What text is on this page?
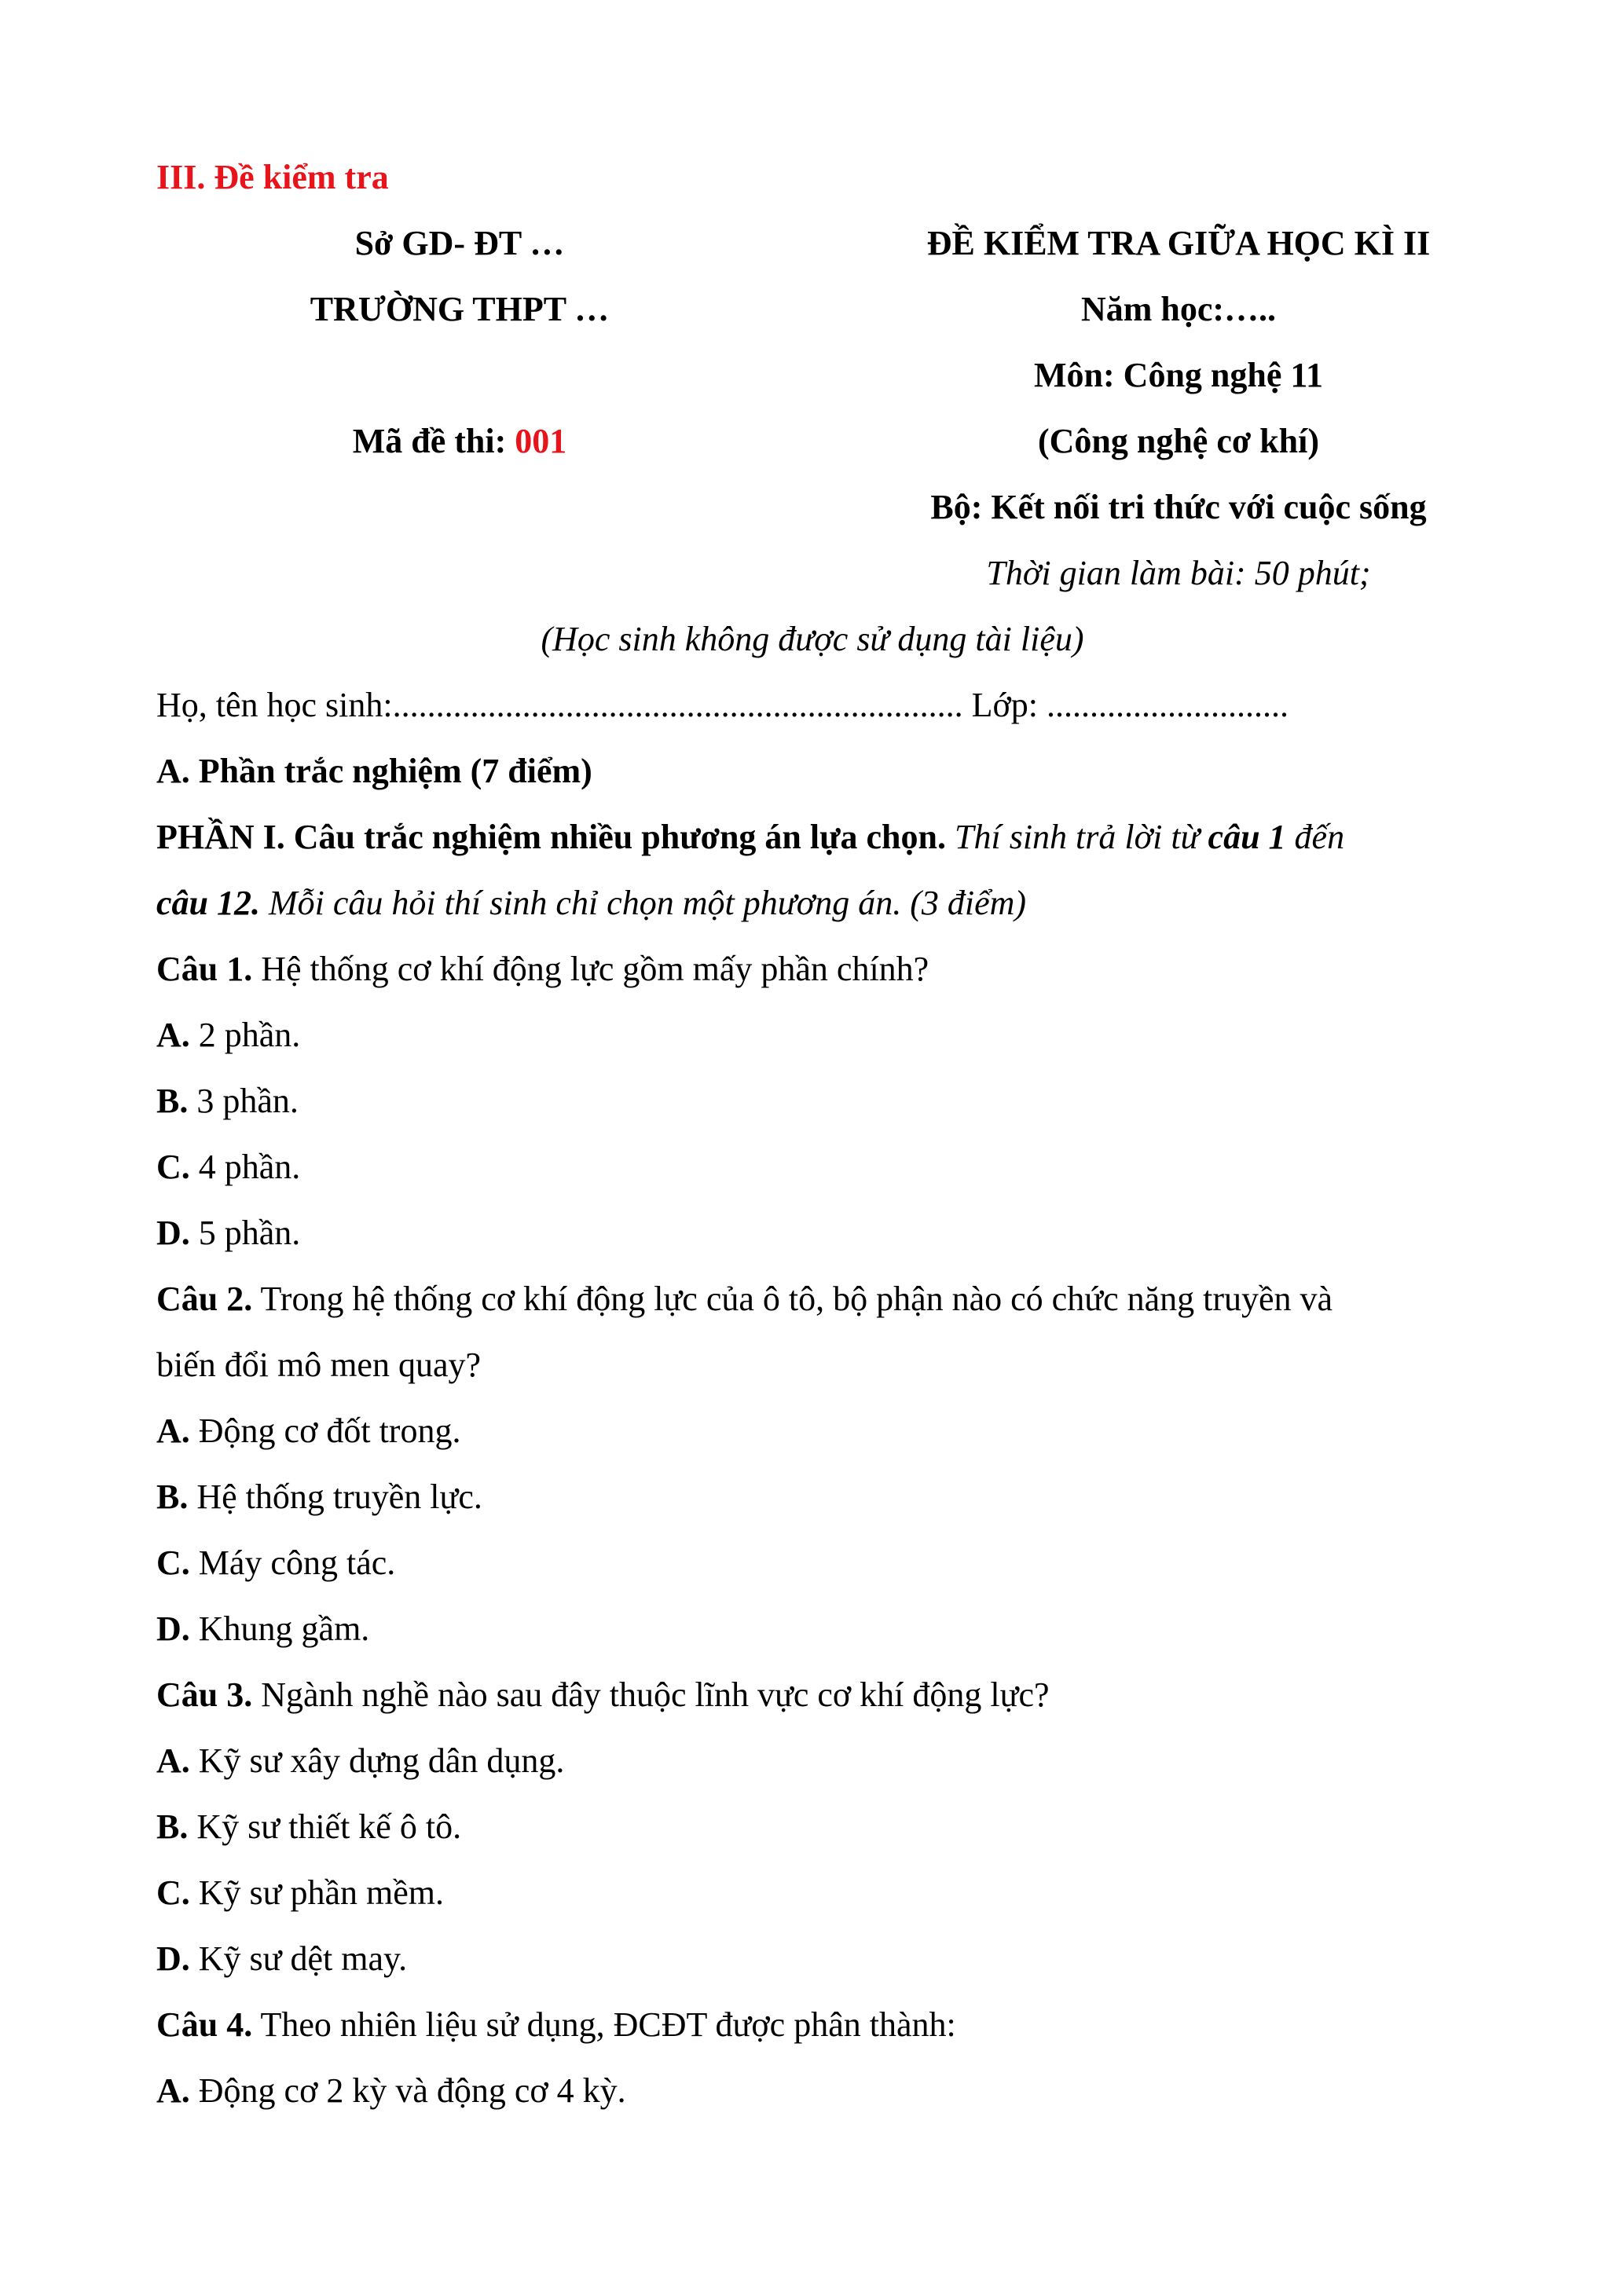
III. Đề kiểm tra
Sở GD- ĐT …
TRƯỜNG THPT …
Mã đề thi: 001
ĐỀ KIỂM TRA GIỮA HỌC KÌ II
Năm học:…..
Môn: Công nghệ 11
(Công nghệ cơ khí)
Bộ: Kết nối tri thức với cuộc sống
Thời gian làm bài: 50 phút;
(Học sinh không được sử dụng tài liệu)
Họ, tên học sinh:.................................................................. Lớp: ............................
A. Phần trắc nghiệm (7 điểm)
PHẦN I. Câu trắc nghiệm nhiều phương án lựa chọn. Thí sinh trả lời từ câu 1 đến
câu 12. Mỗi câu hỏi thí sinh chỉ chọn một phương án. (3 điểm)
Câu 1. Hệ thống cơ khí động lực gồm mấy phần chính?
A. 2 phần.
B. 3 phần.
C. 4 phần.
D. 5 phần.
Câu 2. Trong hệ thống cơ khí động lực của ô tô, bộ phận nào có chức năng truyền và
biến đổi mô men quay?
A. Động cơ đốt trong.
B. Hệ thống truyền lực.
C. Máy công tác.
D. Khung gầm.
Câu 3. Ngành nghề nào sau đây thuộc lĩnh vực cơ khí động lực?
A. Kỹ sư xây dựng dân dụng.
B. Kỹ sư thiết kế ô tô.
C. Kỹ sư phần mềm.
D. Kỹ sư dệt may.
Câu 4. Theo nhiên liệu sử dụng, ĐCĐT được phân thành:
A. Động cơ 2 kỳ và động cơ 4 kỳ.
